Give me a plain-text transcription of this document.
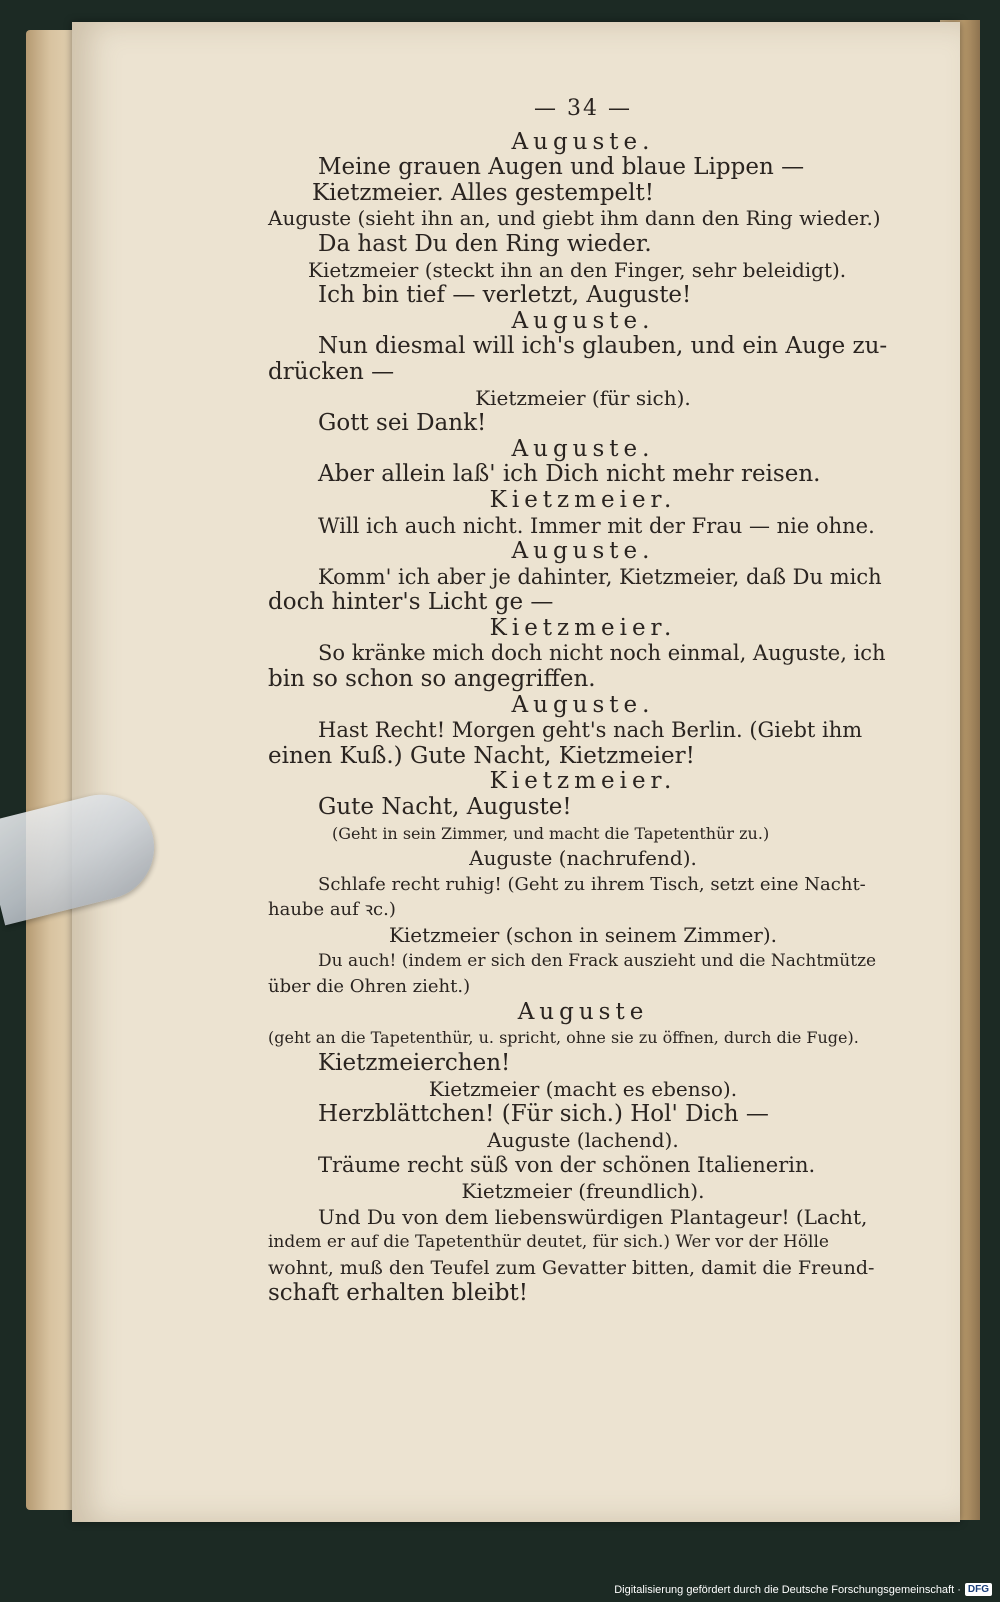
— 34 —
Auguste.
Meine grauen Augen und blaue Lippen —
Kietzmeier. Alles gestempelt!
Auguste (sieht ihn an, und giebt ihm dann den Ring wieder.)
Da hast Du den Ring wieder.
Kietzmeier (steckt ihn an den Finger, sehr beleidigt).
Ich bin tief — verletzt, Auguste!
Auguste.
Nun diesmal will ich's glauben, und ein Auge zu-
drücken —
Kietzmeier (für sich).
Gott sei Dank!
Auguste.
Aber allein laß' ich Dich nicht mehr reisen.
Kietzmeier.
Will ich auch nicht. Immer mit der Frau — nie ohne.
Auguste.
Komm' ich aber je dahinter, Kietzmeier, daß Du mich
doch hinter's Licht ge —
Kietzmeier.
So kränke mich doch nicht noch einmal, Auguste, ich
bin so schon so angegriffen.
Auguste.
Hast Recht! Morgen geht's nach Berlin. (Giebt ihm
einen Kuß.) Gute Nacht, Kietzmeier!
Kietzmeier.
Gute Nacht, Auguste!
(Geht in sein Zimmer, und macht die Tapetenthür zu.)
Auguste (nachrufend).
Schlafe recht ruhig! (Geht zu ihrem Tisch, setzt eine Nacht-
haube auf ꝛc.)
Kietzmeier (schon in seinem Zimmer).
Du auch! (indem er sich den Frack auszieht und die Nachtmütze
über die Ohren zieht.)
Auguste
(geht an die Tapetenthür, u. spricht, ohne sie zu öffnen, durch die Fuge).
Kietzmeierchen!
Kietzmeier (macht es ebenso).
Herzblättchen! (Für sich.) Hol' Dich —
Auguste (lachend).
Träume recht süß von der schönen Italienerin.
Kietzmeier (freundlich).
Und Du von dem liebenswürdigen Plantageur! (Lacht,
indem er auf die Tapetenthür deutet, für sich.) Wer vor der Hölle
wohnt, muß den Teufel zum Gevatter bitten, damit die Freund-
schaft erhalten bleibt!
Digitalisierung gefördert durch die Deutsche Forschungsgemeinschaft · DFG
